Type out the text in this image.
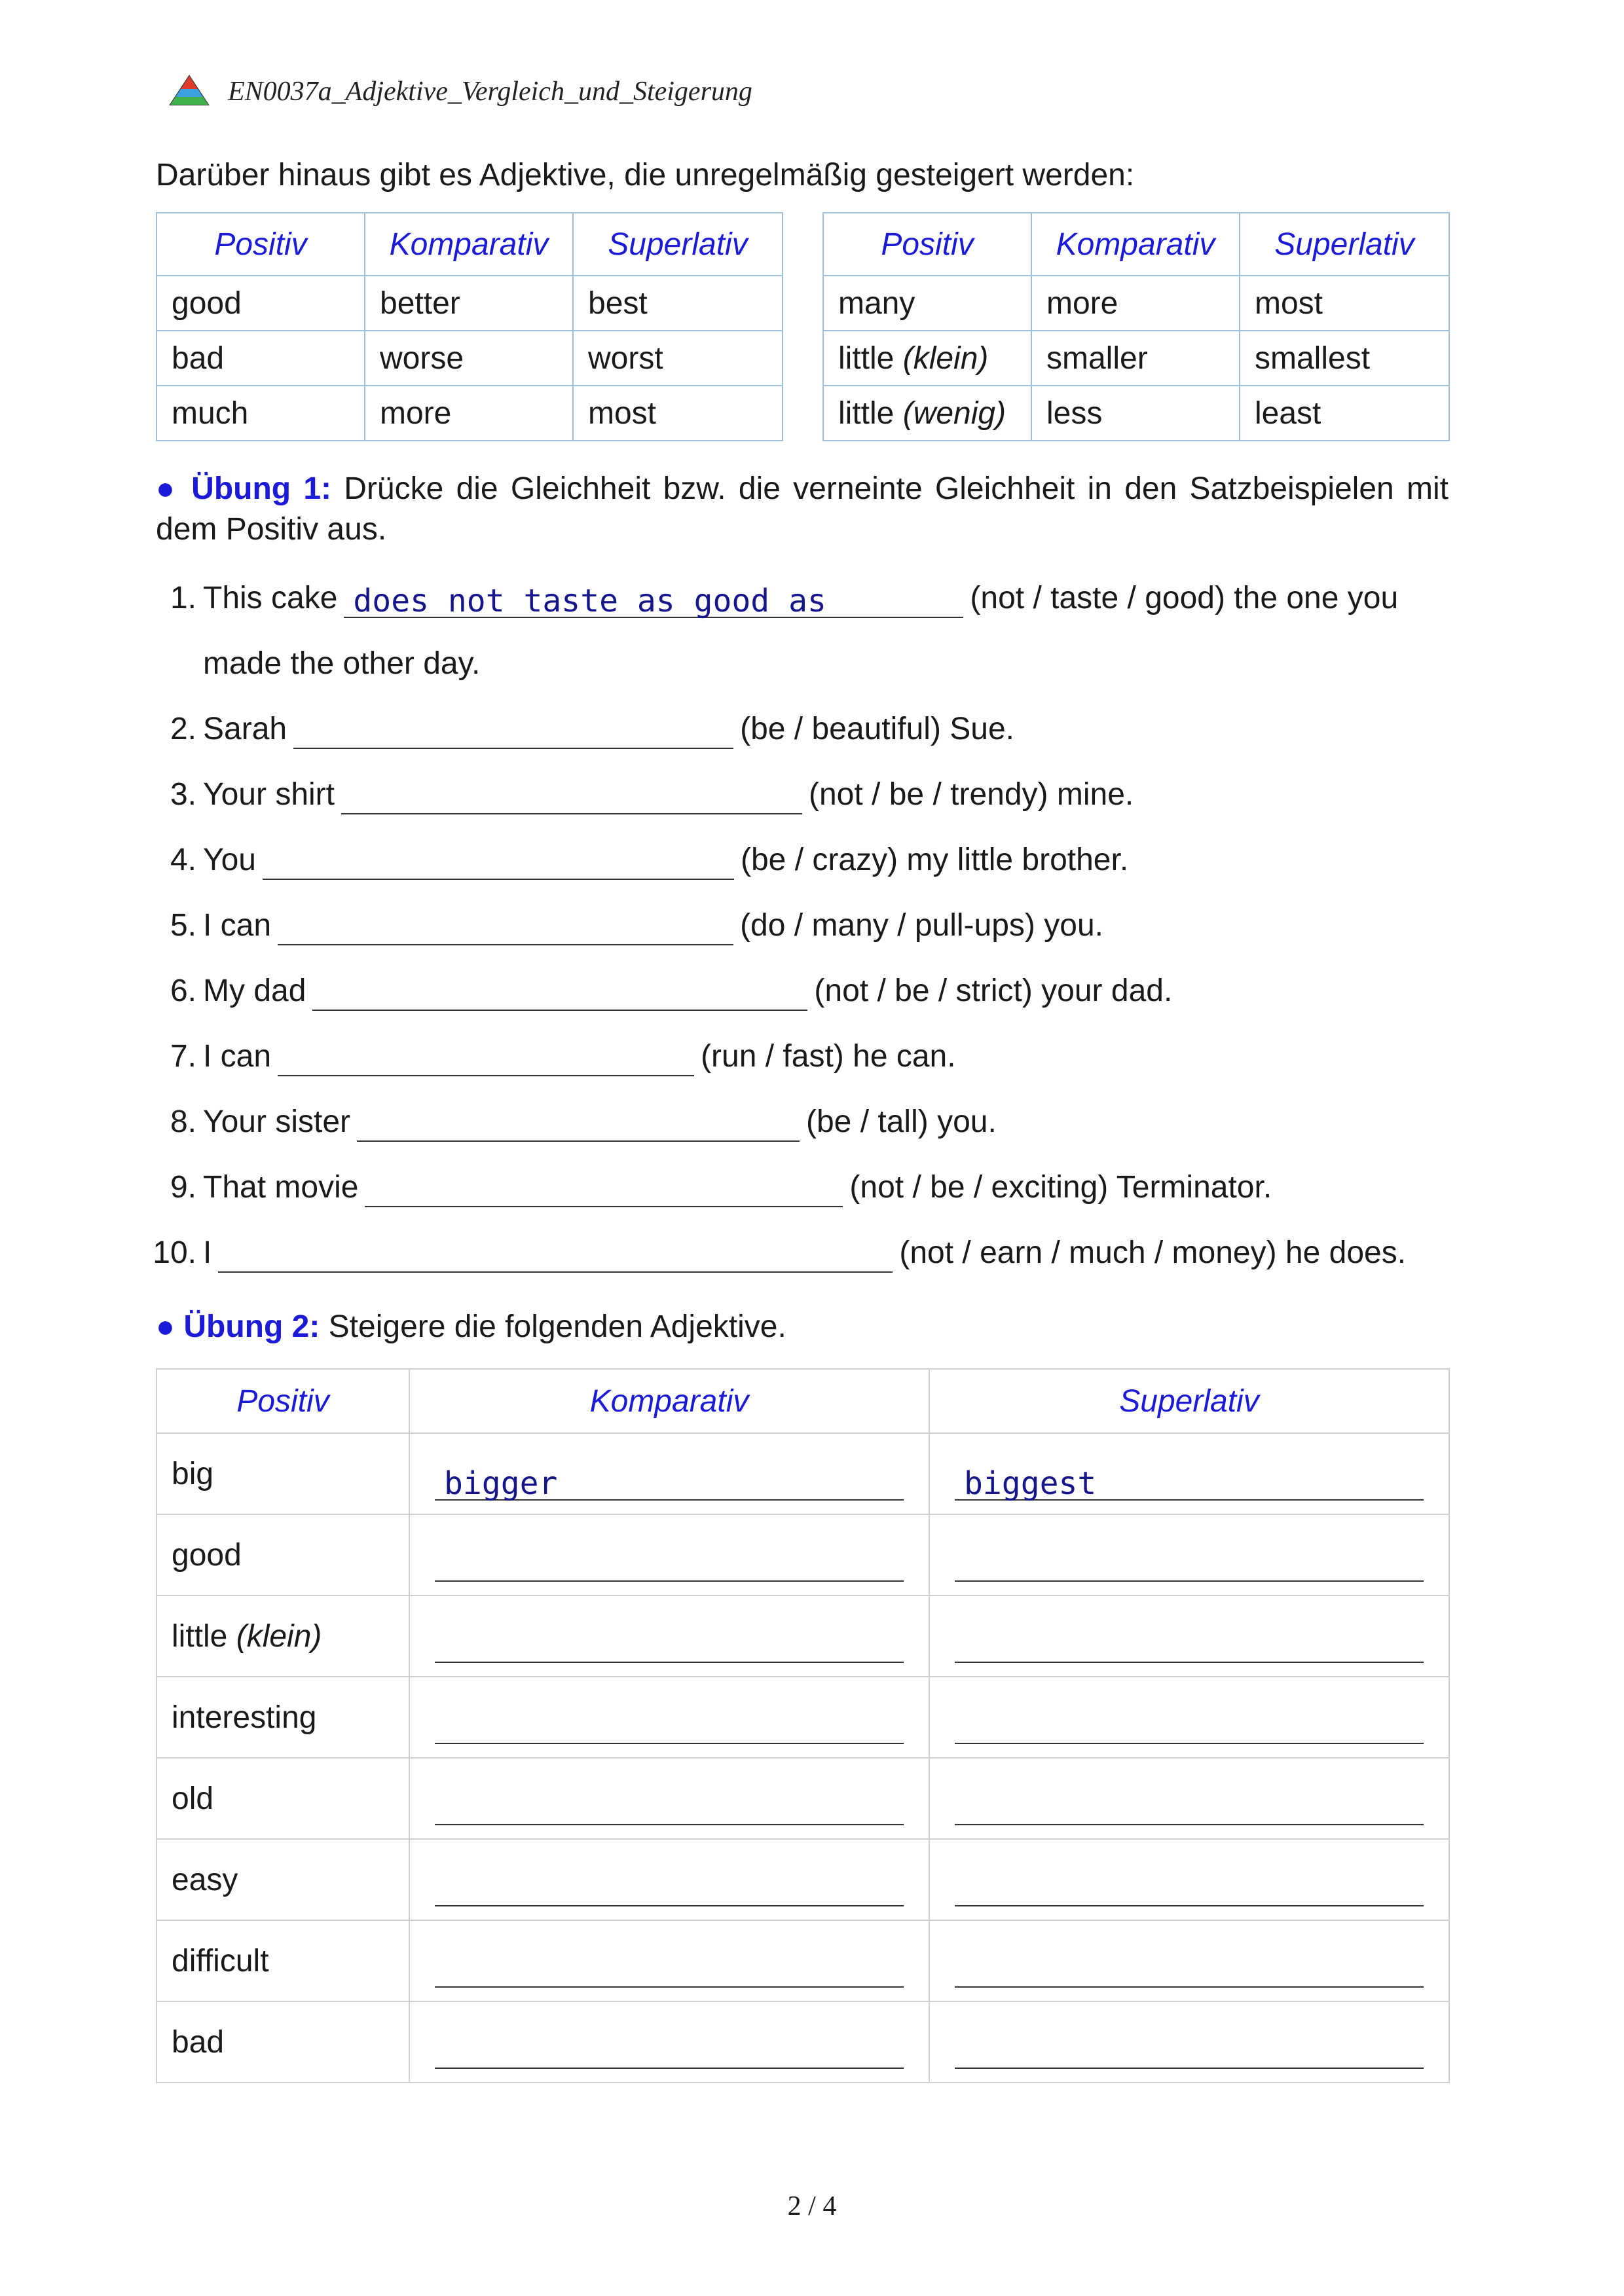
EN0037a_Adjektive_Vergleich_und_Steigerung
Darüber hinaus gibt es Adjektive, die unregelmäßig gesteigert werden:
Positiv	Komparativ	Superlativ
good	better	best
bad	worse	worst
much	more	most
Positiv	Komparativ	Superlativ
many	more	most
little (klein)	smaller	smallest
little (wenig)	less	least
● Übung 1: Drücke die Gleichheit bzw. die verneinte Gleichheit in den Satzbeispielen mit dem Positiv aus.
1. This cake does not taste as good as	(not / taste / good) the one you
made the other day.
2. Sarah	(be / beautiful) Sue.
3. Your shirt	(not / be / trendy) mine.
4. You	(be / crazy) my little brother.
5. I can	(do / many / pull-ups) you.
6. My dad	(not / be / strict) your dad.
7. I can	(run / fast) he can.
8. Your sister	(be / tall) you.
9. That movie	(not / be / exciting) Terminator.
10. I	(not / earn / much / money) he does.
● Übung 2: Steigere die folgenden Adjektive.
Positiv	Komparativ	Superlativ
big	bigger	biggest

good	

little (klein)	

interesting	

old	

easy	

difficult	

bad	

2 / 4
